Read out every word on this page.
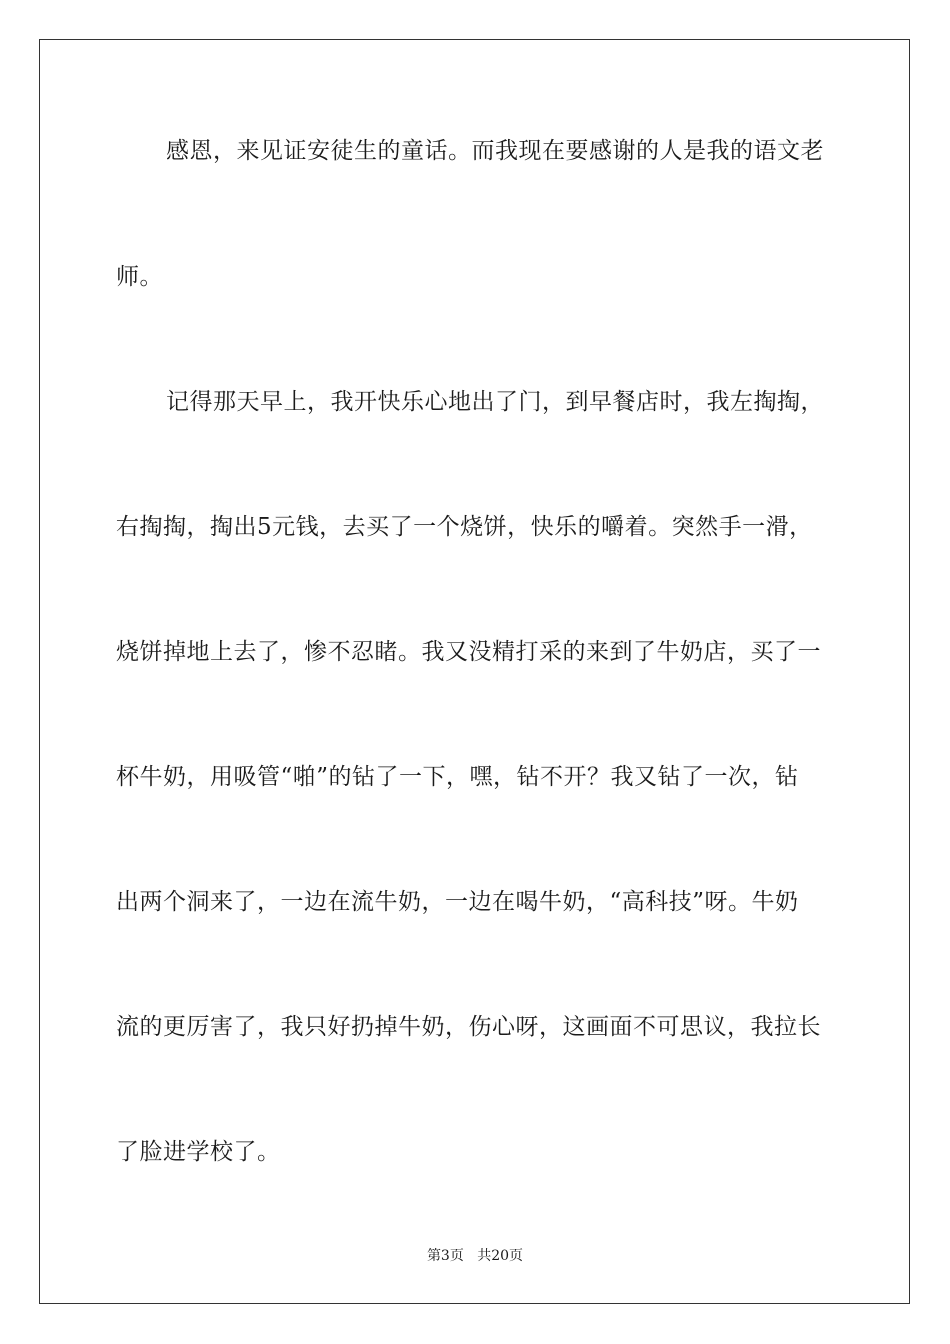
感恩，来见证安徒生的童话。而我现在要感谢的人是我的语文老
师。
记得那天早上，我开快乐心地出了门，到早餐店时，我左掏掏，
右掏掏，掏出5元钱，去买了一个烧饼，快乐的嚼着。突然手一滑，
烧饼掉地上去了，惨不忍睹。我又没精打采的来到了牛奶店，买了一
杯牛奶，用吸管“啪”的钻了一下，嘿，钻不开？我又钻了一次，钻
出两个洞来了，一边在流牛奶，一边在喝牛奶，“高科技”呀。牛奶
流的更厉害了，我只好扔掉牛奶，伤心呀，这画面不可思议，我拉长
了脸进学校了。
第3页 共20页
